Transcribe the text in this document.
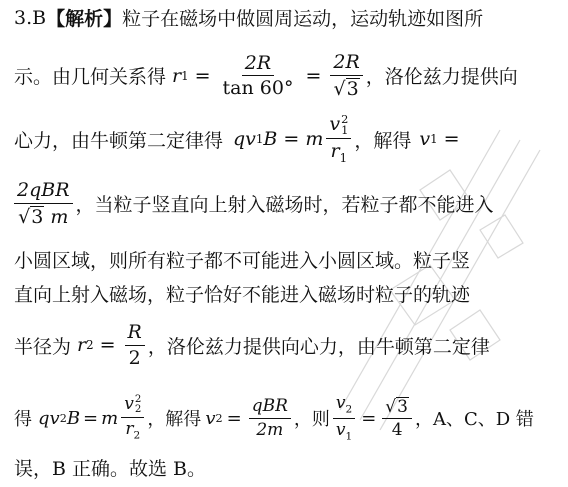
3.B 【解析】 粒子在磁场中做圆周运动，运动轨迹如图所
示。由几何关系得 r $1 = \frac{2R}{\tan 60^\circ} = \frac{2R}{√ 3}$ ，洛伦兹力提供向
心力，由牛顿第二定律得 qv 1 B = m v 2
1
$r_1$ ，解得 v 1 =
$\frac{\text{2qBR}}{√ 3 m}$ ，当粒子竖直向上射入磁场时，若粒子都不能进入
小圆区域，则所有粒子都不可能进入小圆区域。粒子竖
直向上射入磁场，粒子恰好不能进入磁场时粒子的轨迹
半径为 r $2 = \frac{R}{2}$ ，洛伦兹力提供向心力，由牛顿第二定律
得 qv 2 B = m v 2
2
$r_2$ ，解得 v $2 = \frac{\text{qBR}}{2m}$ ，则 $\frac{v_2}{v_1} = \frac{√ 3}{4}$ ，A、C、D 错
误，B 正确。故选 B。
